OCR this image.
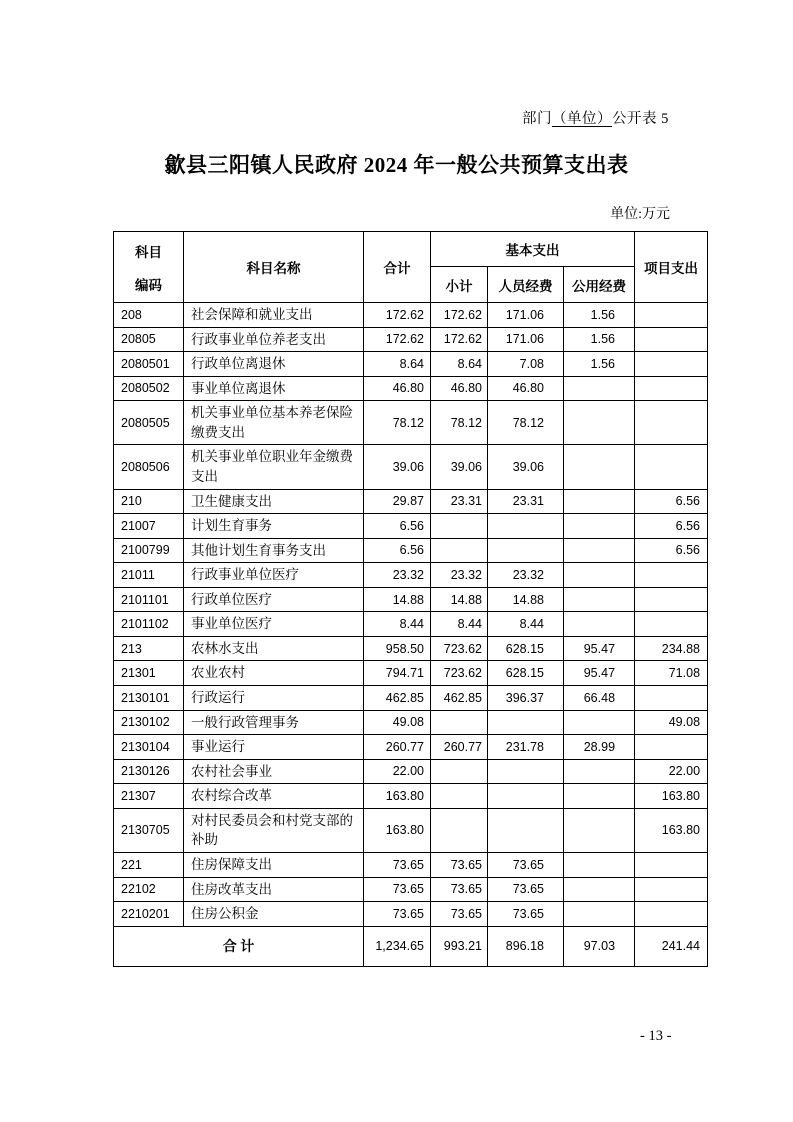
部门（单位）公开表 5
歙县三阳镇人民政府 2024 年一般公共预算支出表
单位:万元
科目
编码	科目名称	合计	基本支出			项目支出
			小计	人员经费	公用经费	
208	社会保障和就业支出	172.62	172.62	171.06	1.56	
20805	行政事业单位养老支出	172.62	172.62	171.06	1.56	
2080501	行政单位离退休	8.64	8.64	7.08	1.56	
2080502	事业单位离退休	46.80	46.80	46.80		
2080505	机关事业单位基本养老保险缴费支出	78.12	78.12	78.12		
2080506	机关事业单位职业年金缴费支出	39.06	39.06	39.06		
210	卫生健康支出	29.87	23.31	23.31		6.56
21007	计划生育事务	6.56				6.56
2100799	其他计划生育事务支出	6.56				6.56
21011	行政事业单位医疗	23.32	23.32	23.32		
2101101	行政单位医疗	14.88	14.88	14.88		
2101102	事业单位医疗	8.44	8.44	8.44		
213	农林水支出	958.50	723.62	628.15	95.47	234.88
21301	农业农村	794.71	723.62	628.15	95.47	71.08
2130101	行政运行	462.85	462.85	396.37	66.48	
2130102	一般行政管理事务	49.08				49.08
2130104	事业运行	260.77	260.77	231.78	28.99	
2130126	农村社会事业	22.00				22.00
21307	农村综合改革	163.80				163.80
2130705	对村民委员会和村党支部的补助	163.80				163.80
221	住房保障支出	73.65	73.65	73.65		
22102	住房改革支出	73.65	73.65	73.65		
2210201	住房公积金	73.65	73.65	73.65		
合 计		1,234.65	993.21	896.18	97.03	241.44
- 13 -
